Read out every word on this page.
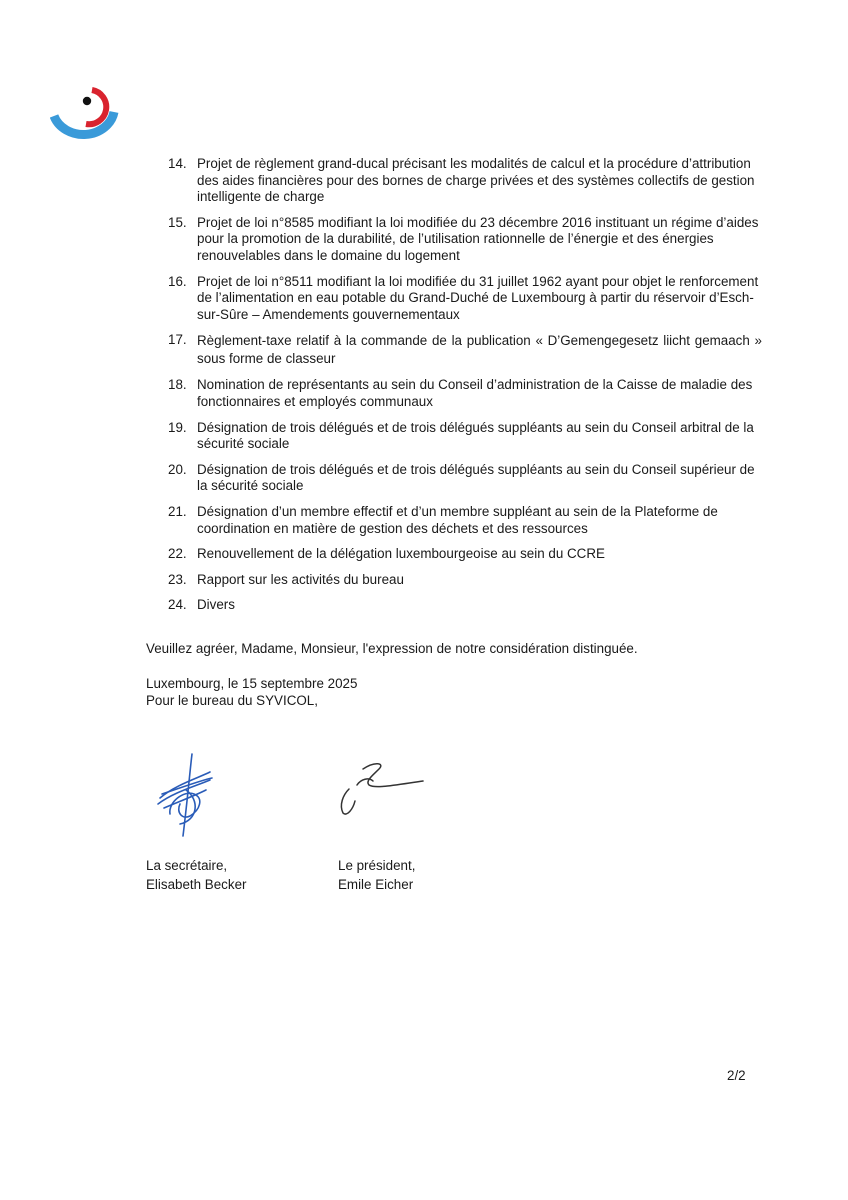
14. Projet de règlement grand-ducal précisant les modalités de calcul et la procédure d’attribution des aides financières pour des bornes de charge privées et des systèmes collectifs de gestion intelligente de charge
15. Projet de loi n°8585 modifiant la loi modifiée du 23 décembre 2016 instituant un régime d’aides pour la promotion de la durabilité, de l’utilisation rationnelle de l’énergie et des énergies renouvelables dans le domaine du logement
16. Projet de loi n°8511 modifiant la loi modifiée du 31 juillet 1962 ayant pour objet le renforcement de l’alimentation en eau potable du Grand-Duché de Luxembourg à partir du réservoir d’Esch-sur-Sûre – Amendements gouvernementaux
17. Règlement-taxe relatif à la commande de la publication « D’Gemengegesetz liicht gemaach » sous forme de classeur
18. Nomination de représentants au sein du Conseil d’administration de la Caisse de maladie des fonctionnaires et employés communaux
19. Désignation de trois délégués et de trois délégués suppléants au sein du Conseil arbitral de la sécurité sociale
20. Désignation de trois délégués et de trois délégués suppléants au sein du Conseil supérieur de la sécurité sociale
21. Désignation d’un membre effectif et d’un membre suppléant au sein de la Plateforme de coordination en matière de gestion des déchets et des ressources
22. Renouvellement de la délégation luxembourgeoise au sein du CCRE
23. Rapport sur les activités du bureau
24. Divers

Veuillez agréer, Madame, Monsieur, l'expression de notre considération distinguée.

Luxembourg, le 15 septembre 2025
Pour le bureau du SYVICOL,
La secrétaire,
Elisabeth Becker
Le président,
Emile Eicher

2/2
